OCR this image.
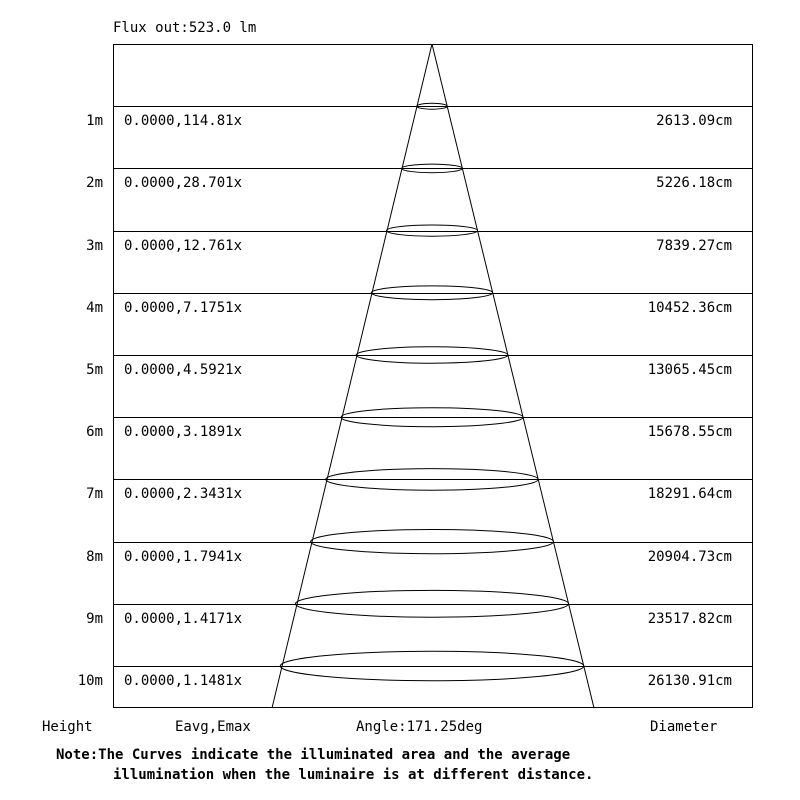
Flux out:523.0 lm
1m 0.0000,114.81x	2613.09cm
2m 0.0000,28.701x	5226.18cm
3m 0.0000,12.761x	7839.27cm
4m 0.0000,7.1751x	10452.36cm
5m 0.0000,4.5921x	13065.45cm
6m 0.0000,3.1891x	15678.55cm
7m 0.0000,2.3431x	18291.64cm
8m 0.0000,1.7941x	20904.73cm
9m 0.0000,1.4171x	23517.82cm
10m 0.0000,1.1481x	26130.91cm
Height	Eavg,Emax	Angle:171.25deg	Diameter
Note:The Curves indicate the illuminated area and the average
illumination when the luminaire is at different distance.
